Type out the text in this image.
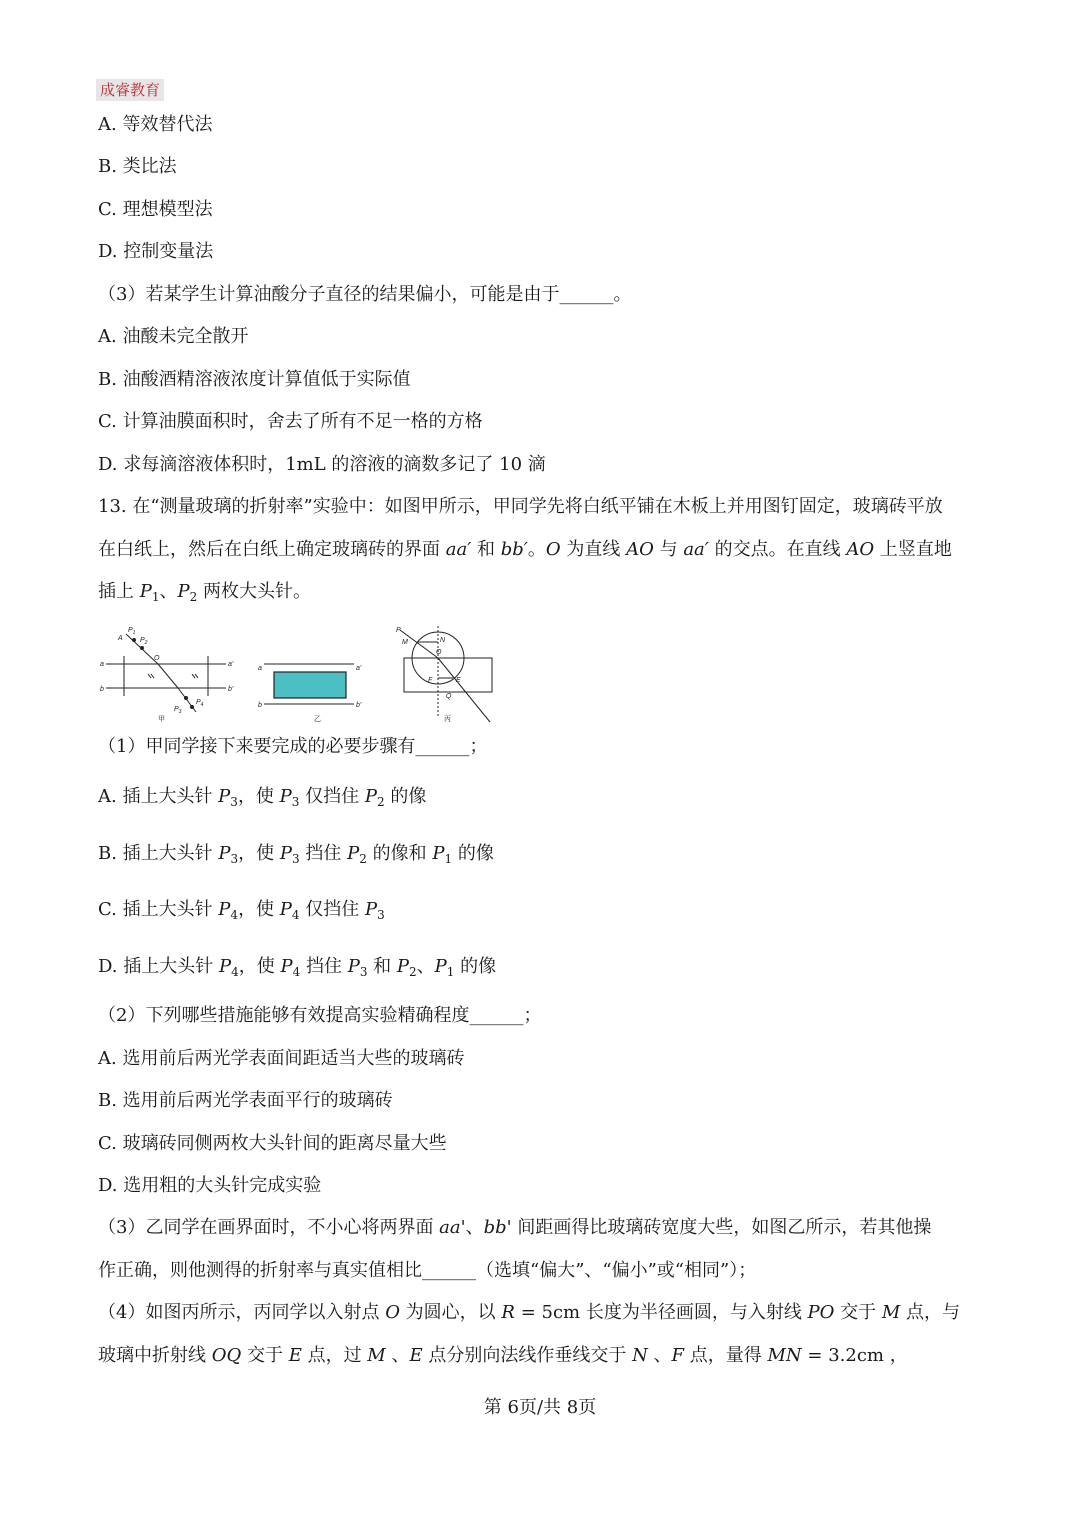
成睿教育
A. 等效替代法
B. 类比法
C. 理想模型法
D. 控制变量法
（3）若某学生计算油酸分子直径的结果偏小，可能是由于______。
A. 油酸未完全散开
B. 油酸酒精溶液浓度计算值低于实际值
C. 计算油膜面积时，舍去了所有不足一格的方格
D. 求每滴溶液体积时，1mL 的溶液的滴数多记了 10 滴
13. 在“测量玻璃的折射率”实验中：如图甲所示，甲同学先将白纸平铺在木板上并用图钉固定，玻璃砖平放
在白纸上，然后在白纸上确定玻璃砖的界面 aa′ 和 bb′。O 为直线 AO 与 aa′ 的交点。在直线 AO 上竖直地
插上 $P_1$、$P_2$ 两枚大头针。
A
$P_1$
$P_2$
O
a	a'
b	b'
$P_3$
$P_4$
甲
a	a'
b	b'
乙
P
M	N
O
F	E
Q
丙
（1）甲同学接下来要完成的必要步骤有______；
A. 插上大头针 $P_3$，使 $P_3$ 仅挡住 $P_2$ 的像
B. 插上大头针 $P_3$，使 $P_3$ 挡住 $P_2$ 的像和 $P_1$ 的像
C. 插上大头针 $P_4$，使 $P_4$ 仅挡住 $P_3$
D. 插上大头针 $P_4$，使 $P_4$ 挡住 $P_3$ 和 $P_2$、$P_1$ 的像
（2）下列哪些措施能够有效提高实验精确程度______；
A. 选用前后两光学表面间距适当大些的玻璃砖
B. 选用前后两光学表面平行的玻璃砖
C. 玻璃砖同侧两枚大头针间的距离尽量大些
D. 选用粗的大头针完成实验
（3）乙同学在画界面时，不小心将两界面 aa'、bb' 间距画得比玻璃砖宽度大些，如图乙所示，若其他操
作正确，则他测得的折射率与真实值相比______（选填“偏大”、“偏小”或“相同”）；
（4）如图丙所示，丙同学以入射点 O 为圆心，以 R = 5cm 长度为半径画圆，与入射线 PO 交于 M 点，与
玻璃中折射线 OQ 交于 E 点，过 M 、E 点分别向法线作垂线交于 N 、F 点，量得 MN = 3.2cm ，
第 6页/共 8页
